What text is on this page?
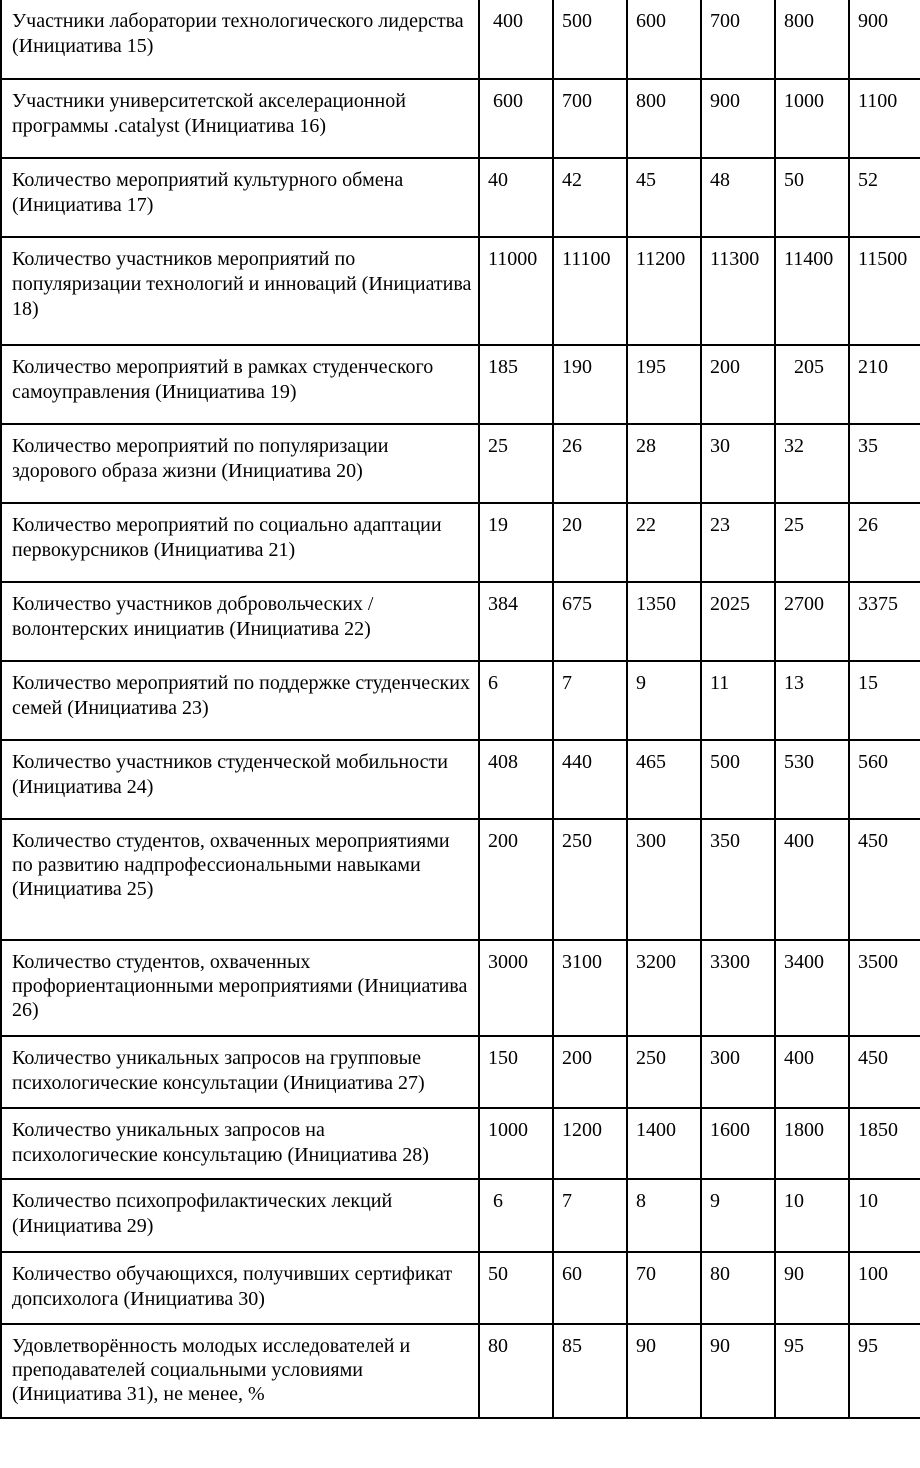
Участники лаборатории технологического лидерства (Инициатива 15)	400	500	600	700	800	900
Участники университетской акселерационной программы .catalyst (Инициатива 16)	600	700	800	900	1000	1100
Количество мероприятий культурного обмена (Инициатива 17)	40	42	45	48	50	52
Количество участников мероприятий по популяризации технологий и инноваций (Инициатива 18)	11000	11100	11200	11300	11400	11500
Количество мероприятий в рамках студенческого самоуправления (Инициатива 19)	185	190	195	200	205	210
Количество мероприятий по популяризации здорового образа жизни (Инициатива 20)	25	26	28	30	32	35
Количество мероприятий по социально адаптации первокурсников (Инициатива 21)	19	20	22	23	25	26
Количество участников добровольческих / волонтерских инициатив (Инициатива 22)	384	675	1350	2025	2700	3375
Количество мероприятий по поддержке студенческих семей (Инициатива 23)	6	7	9	11	13	15
Количество участников студенческой мобильности (Инициатива 24)	408	440	465	500	530	560
Количество студентов, охваченных мероприятиями по развитию надпрофессиональными навыками (Инициатива 25)	200	250	300	350	400	450
Количество студентов, охваченных профориентационными мероприятиями (Инициатива 26)	3000	3100	3200	3300	3400	3500
Количество уникальных запросов на групповые психологические консультации (Инициатива 27)	150	200	250	300	400	450
Количество уникальных запросов на психологические консультацию (Инициатива 28)	1000	1200	1400	1600	1800	1850
Количество психопрофилактических лекций (Инициатива 29)	6	7	8	9	10	10
Количество обучающихся, получивших сертификат допсихолога (Инициатива 30)	50	60	70	80	90	100
Удовлетворённость молодых исследователей и преподавателей социальными условиями (Инициатива 31), не менее, %	80	85	90	90	95	95
